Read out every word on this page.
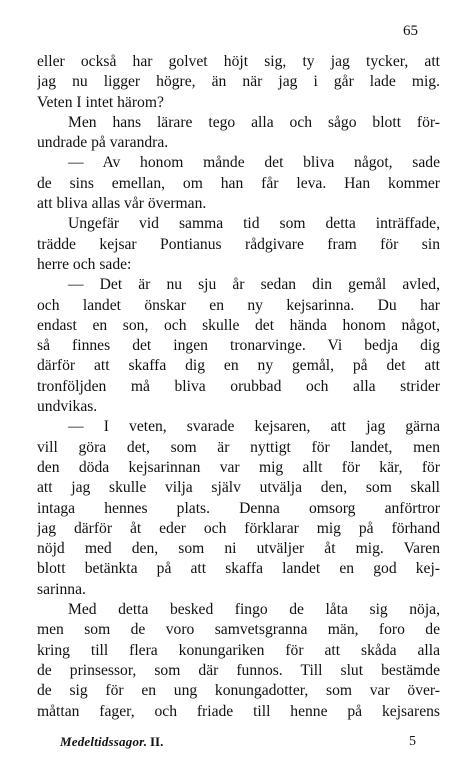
65
eller också har golvet höjt sig, ty jag tycker, att
jag nu ligger högre, än när jag i går lade mig.
Veten I intet härom?
Men hans lärare tego alla och sågo blott för-
undrade på varandra.
— Av honom månde det bliva något, sade
de sins emellan, om han får leva. Han kommer
att bliva allas vår överman.
Ungefär vid samma tid som detta inträffade,
trädde kejsar Pontianus rådgivare fram för sin
herre och sade:
— Det är nu sju år sedan din gemål avled,
och landet önskar en ny kejsarinna. Du har
endast en son, och skulle det hända honom något,
så finnes det ingen tronarvinge. Vi bedja dig
därför att skaffa dig en ny gemål, på det att
tronföljden må bliva orubbad och alla strider
undvikas.
— I veten, svarade kejsaren, att jag gärna
vill göra det, som är nyttigt för landet, men
den döda kejsarinnan var mig allt för kär, för
att jag skulle vilja själv utvälja den, som skall
intaga hennes plats. Denna omsorg anförtror
jag därför åt eder och förklarar mig på förhand
nöjd med den, som ni utväljer åt mig. Varen
blott betänkta på att skaffa landet en god kej-
sarinna.
Med detta besked fingo de låta sig nöja,
men som de voro samvetsgranna män, foro de
kring till flera konungariken för att skåda alla
de prinsessor, som där funnos. Till slut bestämde
de sig för en ung konungadotter, som var över-
måttan fager, och friade till henne på kejsarens
Medeltidssagor. II.	5
